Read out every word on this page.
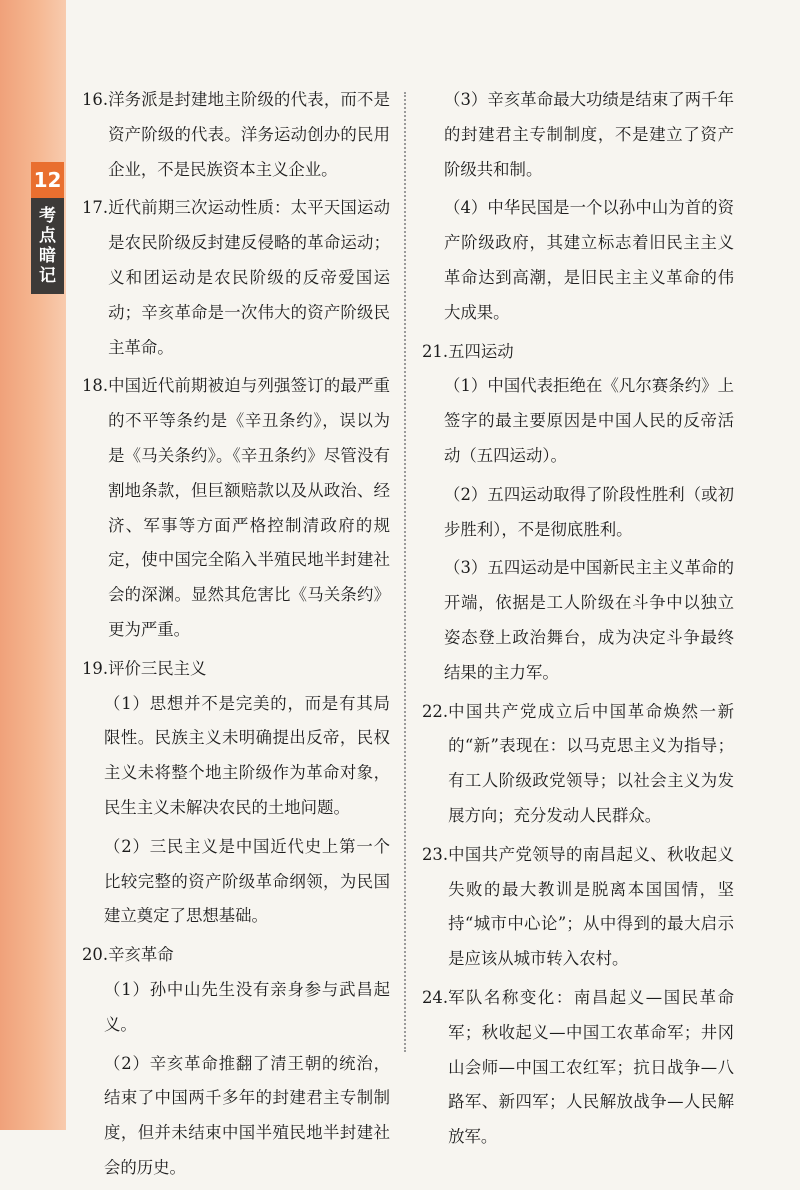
12
考点暗记
16. 洋务派是封建地主阶级的代表，而不是资产阶级的代表。洋务运动创办的民用企业，不是民族资本主义企业。
17. 近代前期三次运动性质：太平天国运动是农民阶级反封建反侵略的革命运动；义和团运动是农民阶级的反帝爱国运动；辛亥革命是一次伟大的资产阶级民主革命。
18. 中国近代前期被迫与列强签订的最严重的不平等条约是《辛丑条约》，误以为是《马关条约》。《辛丑条约》尽管没有割地条款，但巨额赔款以及从政治、经济、军事等方面严格控制清政府的规定，使中国完全陷入半殖民地半封建社会的深渊。显然其危害比《马关条约》更为严重。
19. 评价三民主义
（1）思想并不是完美的，而是有其局限性。民族主义未明确提出反帝，民权主义未将整个地主阶级作为革命对象，民生主义未解决农民的土地问题。
（2）三民主义是中国近代史上第一个比较完整的资产阶级革命纲领，为民国建立奠定了思想基础。
20. 辛亥革命
（1）孙中山先生没有亲身参与武昌起义。
（2）辛亥革命推翻了清王朝的统治，结束了中国两千多年的封建君主专制制度，但并未结束中国半殖民地半封建社会的历史。
（3）辛亥革命最大功绩是结束了两千年的封建君主专制制度，不是建立了资产阶级共和制。
（4）中华民国是一个以孙中山为首的资产阶级政府，其建立标志着旧民主主义革命达到高潮，是旧民主主义革命的伟大成果。
21. 五四运动
（1）中国代表拒绝在《凡尔赛条约》上签字的最主要原因是中国人民的反帝活动（五四运动）。
（2）五四运动取得了阶段性胜利（或初步胜利），不是彻底胜利。
（3）五四运动是中国新民主主义革命的开端，依据是工人阶级在斗争中以独立姿态登上政治舞台，成为决定斗争最终结果的主力军。
22. 中国共产党成立后中国革命焕然一新的“新”表现在：以马克思主义为指导；有工人阶级政党领导；以社会主义为发展方向；充分发动人民群众。
23. 中国共产党领导的南昌起义、秋收起义失败的最大教训是脱离本国国情，坚持“城市中心论”；从中得到的最大启示是应该从城市转入农村。
24. 军队名称变化：南昌起义—国民革命军；秋收起义—中国工农革命军；井冈山会师—中国工农红军；抗日战争—八路军、新四军；人民解放战争—人民解放军。
